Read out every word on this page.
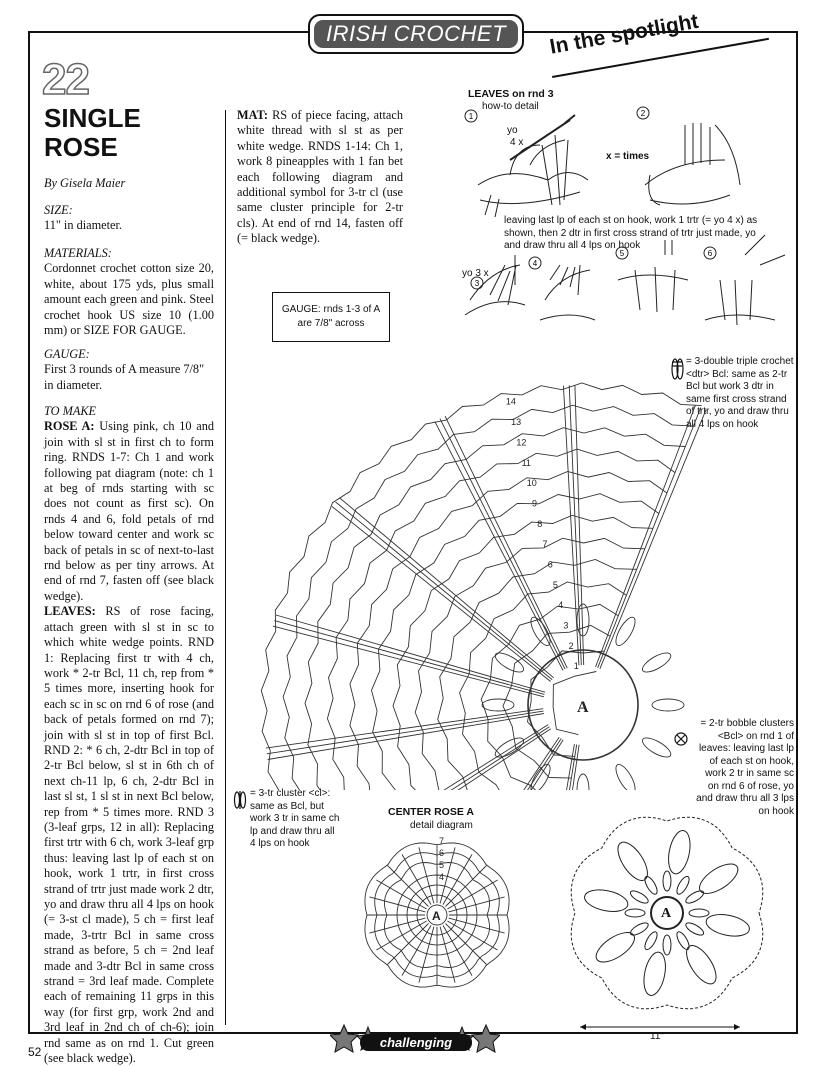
IRISH CROCHET In the spotlight
22
SINGLE
ROSE
By Gisela Maier
SIZE:
11" in diameter.
MATERIALS:
Cordonnet crochet cotton size 20, white, about 175 yds, plus small amount each green and pink. Steel crochet hook US size 10 (1.00 mm) or SIZE FOR GAUGE.
GAUGE:
First 3 rounds of A measure 7/8" in diameter.
TO MAKE
ROSE A: Using pink, ch 10 and join with sl st in first ch to form ring. RNDS 1-7: Ch 1 and work following pat diagram (note: ch 1 at beg of rnds starting with sc does not count as first sc). On rnds 4 and 6, fold petals of rnd below toward center and work sc back of petals in sc of next-to-last rnd below as per tiny arrows. At end of rnd 7, fasten off (see black wedge).
LEAVES: RS of rose facing, attach green with sl st in sc to which white wedge points. RND 1: Replacing first tr with 4 ch, work * 2-tr Bcl, 11 ch, rep from * 5 times more, inserting hook for each sc in sc on rnd 6 of rose (and back of petals formed on rnd 7); join with sl st in top of first Bcl. RND 2: * 6 ch, 2-dtr Bcl in top of 2-tr Bcl below, sl st in 6th ch of next ch-11 lp, 6 ch, 2-dtr Bcl in last sl st, 1 sl st in next Bcl below, rep from * 5 times more. RND 3 (3-leaf grps, 12 in all): Replacing first trtr with 6 ch, work 3-leaf grp thus: leaving last lp of each st on hook, work 1 trtr, in first cross strand of trtr just made work 2 dtr, yo and draw thru all 4 lps on hook (= 3-st cl made), 5 ch = first leaf made, 3-trtr Bcl in same cross strand as before, 5 ch = 2nd leaf made and 3-dtr Bcl in same cross strand = 3rd leaf made. Complete each of remaining 11 grps in this way (for first grp, work 2nd and 3rd leaf in 2nd ch of ch-6); join rnd same as on rnd 1. Cut green (see black wedge).
MAT: RS of piece facing, attach white thread with sl st as per white wedge. RNDS 1-14: Ch 1, work 8 pineapples with 1 fan bet each following diagram and additional symbol for 3-tr cl (use same cluster principle for 2-tr cls). At end of rnd 14, fasten off (= black wedge).
GAUGE: rnds 1-3 of A are 7/8" across
LEAVES on rnd 3
how-to detail
yo
4 x
x = times
leaving last lp of each st on hook, work 1 trtr (= yo 4 x) as shown, then 2 dtr in first cross strand of trtr just made, yo and draw thru all 4 lps on hook
yo 3 x
1	2
3
4
5	6
= 3-double triple crochet <dtr> Bcl: same as 2-tr Bcl but work 3 dtr in same first cross strand of trtr, yo and draw thru all 4 lps on hook
= 2-tr bobble clusters <Bcl> on rnd 1 of leaves: leaving last lp of each st on hook, work 2 tr in same sc on rnd 6 of rose, yo and draw thru all 3 lps on hook
= 3-tr cluster <cl>: same as Bcl, but work 3 tr in same ch lp and draw thru all 4 lps on hook
14
13
12
11
10
9
8
7
6
5
4
3
2
1
A
CENTER ROSE A
detail diagram
7
6
5
4
A	A
11"
challenging
52
